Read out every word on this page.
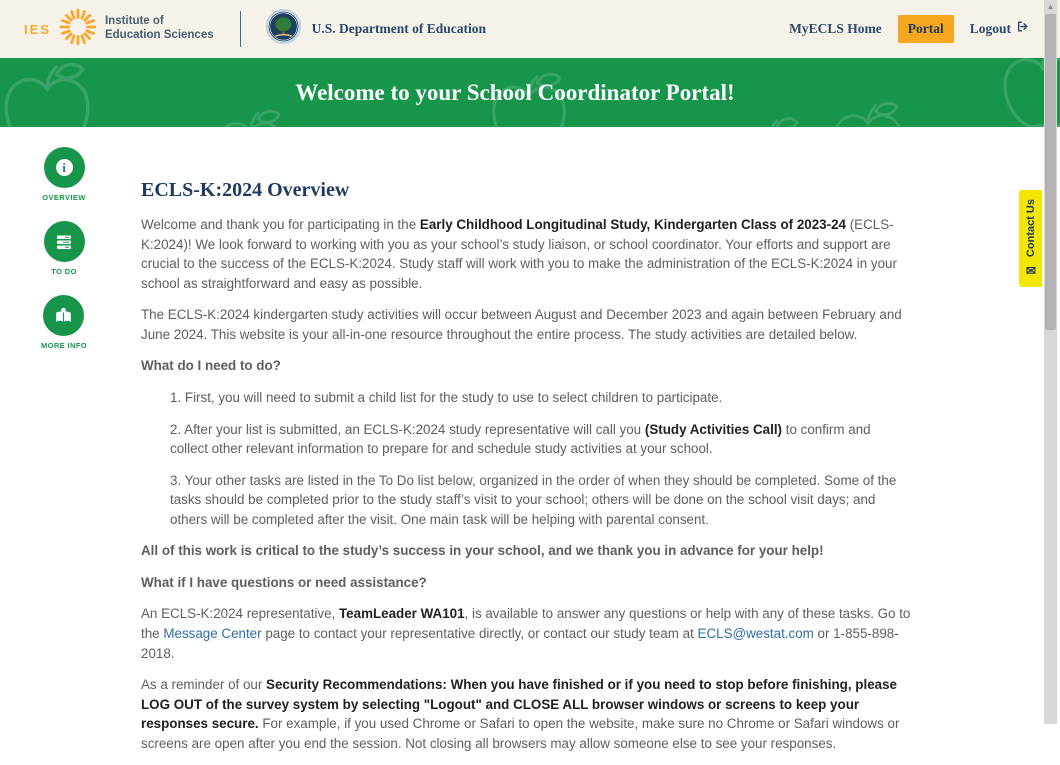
IES
Institute of
Education Sciences	U.S. Department of Education	MyECLS Home	Portal	Logout
Welcome to your School Coordinator Portal!
i
OVERVIEW
TO DO
MORE INFO
ECLS-K:2024 Overview

Welcome and thank you for participating in the Early Childhood Longitudinal Study, Kindergarten Class of 2023-24 (ECLS-K:2024)! We look forward to working with you as your school’s study liaison, or school coordinator. Your efforts and support are crucial to the success of the ECLS-K:2024. Study staff will work with you to make the administration of the ECLS-K:2024 in your school as straightforward and easy as possible.

The ECLS-K:2024 kindergarten study activities will occur between August and December 2023 and again between February and June 2024. This website is your all-in-one resource throughout the entire process. The study activities are detailed below.

What do I need to do?

1. First, you will need to submit a child list for the study to use to select children to participate.

2. After your list is submitted, an ECLS-K:2024 study representative will call you (Study Activities Call) to confirm and collect other relevant information to prepare for and schedule study activities at your school.

3. Your other tasks are listed in the To Do list below, organized in the order of when they should be completed. Some of the tasks should be completed prior to the study staff’s visit to your school; others will be done on the school visit days; and others will be completed after the visit. One main task will be helping with parental consent.

All of this work is critical to the study’s success in your school, and we thank you in advance for your help!

What if I have questions or need assistance?

An ECLS-K:2024 representative, TeamLeader WA101, is available to answer any questions or help with any of these tasks. Go to the Message Center page to contact your representative directly, or contact our study team at ECLS@westat.com or 1-855-898-2018.

As a reminder of our Security Recommendations: When you have finished or if you need to stop before finishing, please LOG OUT of the survey system by selecting "Logout" and CLOSE ALL browser windows or screens to keep your responses secure. For example, if you used Chrome or Safari to open the website, make sure no Chrome or Safari windows or screens are open after you end the session. Not closing all browsers may allow someone else to see your responses.

✉
Contact Us
▲
